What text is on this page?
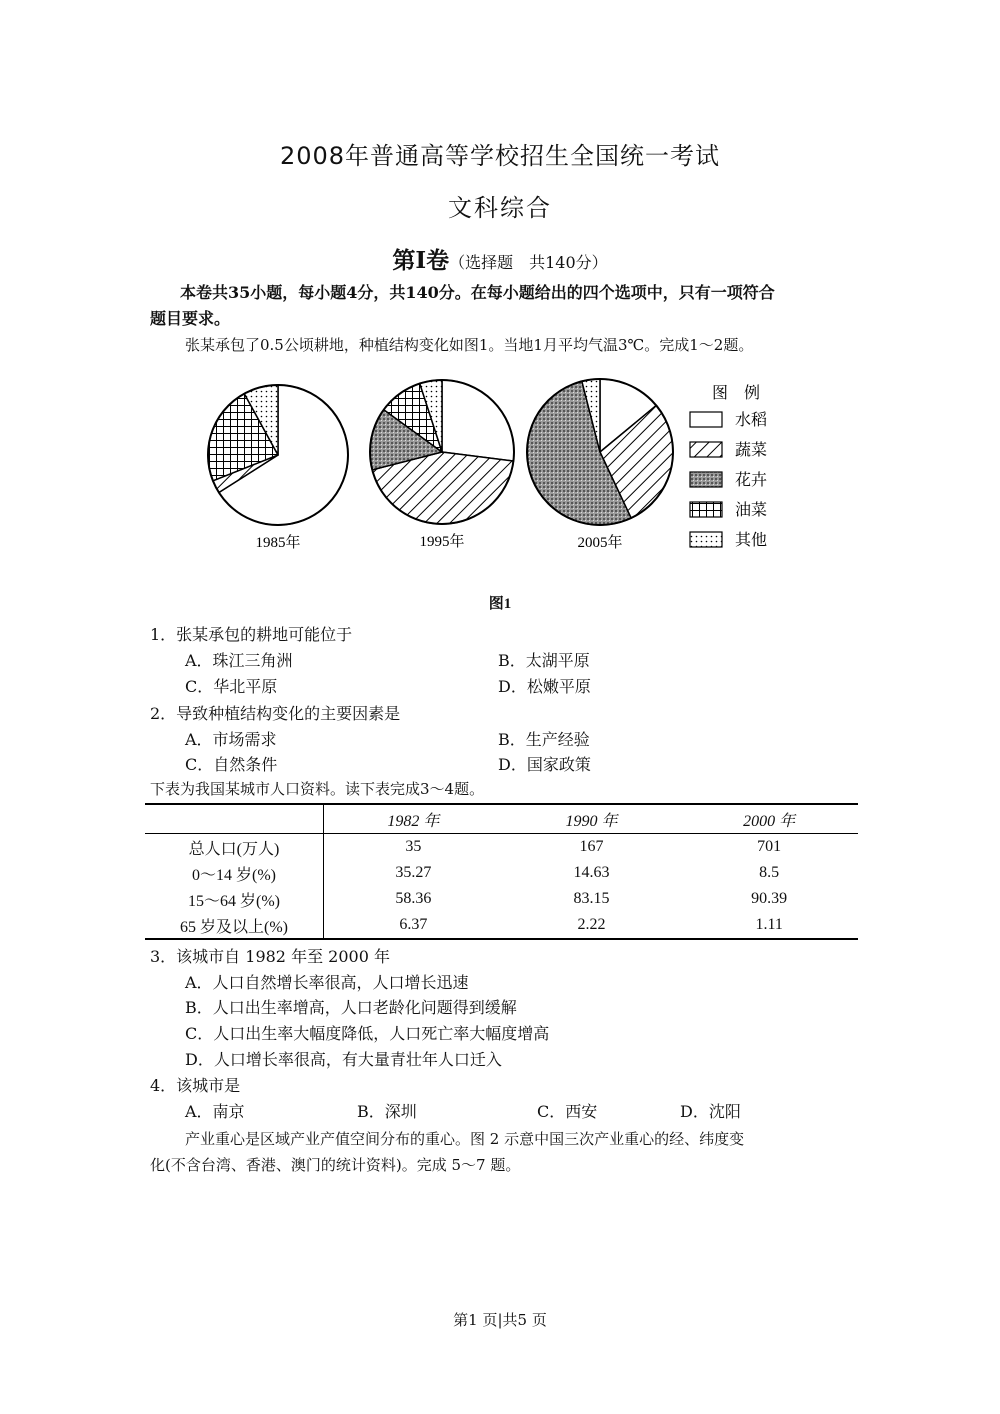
2008年普通高等学校招生全国统一考试
文科综合
第Ⅰ卷（选择题　共140分）
本卷共35小题，每小题4分，共140分。在每小题给出的四个选项中，只有一项符合
题目要求。
张某承包了0.5公顷耕地，种植结构变化如图1。当地1月平均气温3℃。完成1～2题。
1985年	1995年	2005年
图　例
水稻
蔬菜
花卉
油菜
其他
图1
1．张某承包的耕地可能位于
A．珠江三角洲	B．太湖平原
C．华北平原	D．松嫩平原
2．导致种植结构变化的主要因素是
A．市场需求	B．生产经验
C．自然条件	D．国家政策
下表为我国某城市人口资料。读下表完成3～4题。
	1982 年	1990 年	2000 年
总人口(万人)	35	167	701
0～14 岁(%)	35.27	14.63	8.5
15～64 岁(%)	58.36	83.15	90.39
65 岁及以上(%)	6.37	2.22	1.11
3．该城市自 1982 年至 2000 年
A．人口自然增长率很高，人口增长迅速
B．人口出生率增高，人口老龄化问题得到缓解
C．人口出生率大幅度降低，人口死亡率大幅度增高
D．人口增长率很高，有大量青壮年人口迁入
4．该城市是
A．南京	B．深圳	C．西安	D．沈阳
产业重心是区域产业产值空间分布的重心。图 2 示意中国三次产业重心的经、纬度变
化(不含台湾、香港、澳门的统计资料)。完成 5～7 题。
第1 页|共5 页
